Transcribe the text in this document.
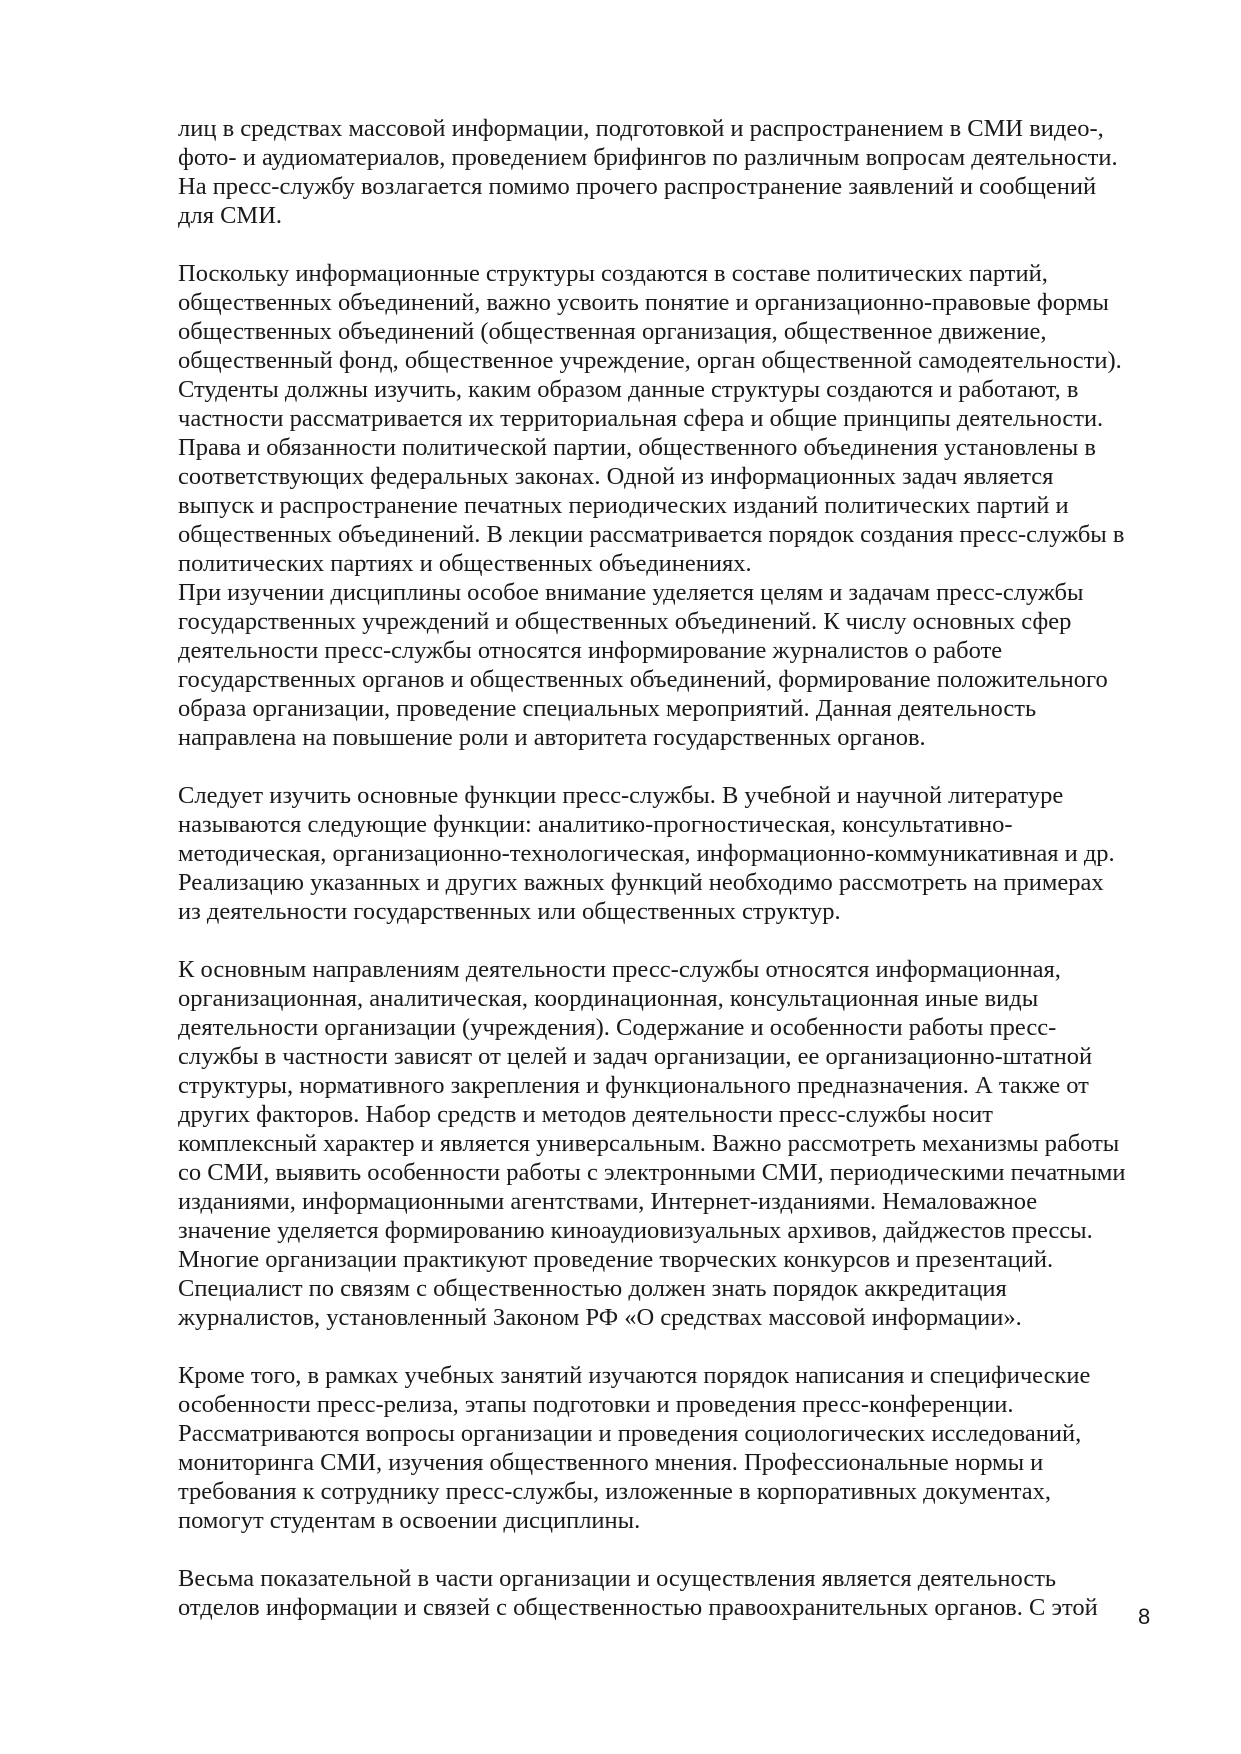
лиц в средствах массовой информации, подготовкой и распространением в СМИ видео-,
фото- и аудиоматериалов, проведением брифингов по различным вопросам деятельности.
На пресс-службу возлагается помимо прочего распространение заявлений и сообщений
для СМИ.

Поскольку информационные структуры создаются в составе политических партий,
общественных объединений, важно усвоить понятие и организационно-правовые формы
общественных объединений (общественная организация, общественное движение,
общественный фонд, общественное учреждение, орган общественной самодеятельности).
Студенты должны изучить, каким образом данные структуры создаются и работают, в
частности рассматривается их территориальная сфера и общие принципы деятельности.
Права и обязанности политической партии, общественного объединения установлены в
соответствующих федеральных законах. Одной из информационных задач является
выпуск и распространение печатных периодических изданий политических партий и
общественных объединений. В лекции рассматривается порядок создания пресс-службы в
политических партиях и общественных объединениях.

При изучении дисциплины особое внимание уделяется целям и задачам пресс-службы
государственных учреждений и общественных объединений. К числу основных сфер
деятельности пресс-службы относятся информирование журналистов о работе
государственных органов и общественных объединений, формирование положительного
образа организации, проведение специальных мероприятий. Данная деятельность
направлена на повышение роли и авторитета государственных органов.

Следует изучить основные функции пресс-службы. В учебной и научной литературе
называются следующие функции: аналитико-прогностическая, консультативно-
методическая, организационно-технологическая, информационно-коммуникативная и др.
Реализацию указанных и других важных функций необходимо рассмотреть на примерах
из деятельности государственных или общественных структур.

К основным направлениям деятельности пресс-службы относятся информационная,
организационная, аналитическая, координационная, консультационная иные виды
деятельности организации (учреждения). Содержание и особенности работы пресс-
службы в частности зависят от целей и задач организации, ее организационно-штатной
структуры, нормативного закрепления и функционального предназначения. А также от
других факторов. Набор средств и методов деятельности пресс-службы носит
комплексный характер и является универсальным. Важно рассмотреть механизмы работы
со СМИ, выявить особенности работы с электронными СМИ, периодическими печатными
изданиями, информационными агентствами, Интернет-изданиями. Немаловажное
значение уделяется формированию киноаудиовизуальных архивов, дайджестов прессы.
Многие организации практикуют проведение творческих конкурсов и презентаций.
Специалист по связям с общественностью должен знать порядок аккредитация
журналистов, установленный Законом РФ «О средствах массовой информации».

Кроме того, в рамках учебных занятий изучаются порядок написания и специфические
особенности пресс-релиза, этапы подготовки и проведения пресс-конференции.
Рассматриваются вопросы организации и проведения социологических исследований,
мониторинга СМИ, изучения общественного мнения. Профессиональные нормы и
требования к сотруднику пресс-службы, изложенные в корпоративных документах,
помогут студентам в освоении дисциплины.

Весьма показательной в части организации и осуществления является деятельность
отделов информации и связей с общественностью правоохранительных органов. С этой	8
